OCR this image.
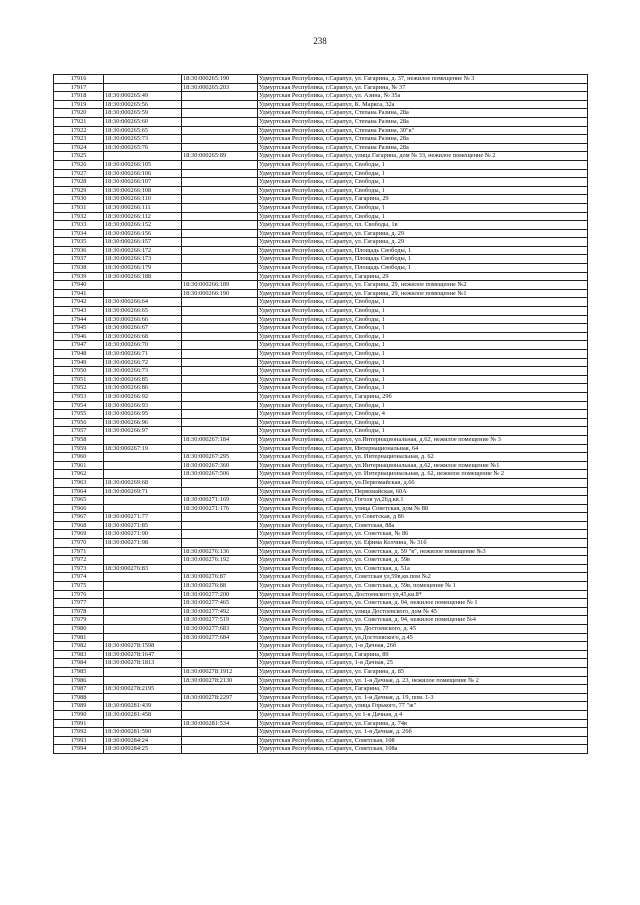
238
17916		18:30:000265:190	Удмуртская Республика, г.Сарапул, ул. Гагарина, д. 37, нежилое помещение № 3
17917		18:30:000265:203	Удмуртская Республика, г.Сарапул, ул. Гагарина, № 37
17918	18:30:000265:49		Удмуртская Республика, г.Сарапул, ул. Азина, № 35а
17919	18:30:000265:56		Удмуртская Республика, г.Сарапул, К. Маркса, 32а
17920	18:30:000265:59		Удмуртская Республика, г.Сарапул, Степана Разина, 28а
17921	18:30:000265:60		Удмуртская Республика, г.Сарапул, Степана Разина, 28а
17922	18:30:000265:65		Удмуртская Республика, г.Сарапул, Степана Разина, 30"к"
17923	18:30:000265:73		Удмуртская Республика, г.Сарапул, Степана Разина, 28а
17924	18:30:000265:76		Удмуртская Республика, г.Сарапул, Степана Разина, 28а
17925		18:30:000265:89	Удмуртская Республика, г.Сарапул, улица Гагарина, дом № 33, нежилое помещение № 2
17926	18:30:000266:105		Удмуртская Республика, г.Сарапул, Свободы, 1
17927	18:30:000266:106		Удмуртская Республика, г.Сарапул, Свободы, 1
17928	18:30:000266:107		Удмуртская Республика, г.Сарапул, Свободы, 1
17929	18:30:000266:108		Удмуртская Республика, г.Сарапул, Свободы, 1
17930	18:30:000266:110		Удмуртская Республика, г.Сарапул, Гагарина, 29
17931	18:30:000266:111		Удмуртская Республика, г.Сарапул, Свободы, 1
17932	18:30:000266:112		Удмуртская Республика, г.Сарапул, Свободы, 1
17933	18:30:000266:152		Удмуртская Республика, г.Сарапул, пл. Свободы, 1в
17934	18:30:000266:156		Удмуртская Республика, г.Сарапул, ул. Гагарина, д. 29
17935	18:30:000266:157		Удмуртская Республика, г.Сарапул, ул. Гагарина, д. 29
17936	18:30:000266:172		Удмуртская Республика, г.Сарапул, Площадь Свободы, 1
17937	18:30:000266:173		Удмуртская Республика, г.Сарапул, Площадь Свободы, 1
17938	18:30:000266:179		Удмуртская Республика, г.Сарапул, Площадь Свободы, 1
17939	18:30:000266:188		Удмуртская Республика, г.Сарапул, Гагарина, 29
17940		18:30:000266:189	Удмуртская Республика, г.Сарапул, ул. Гагарина, 29, нежилое помещение №2
17941		18:30:000266:190	Удмуртская Республика, г.Сарапул, ул. Гагарина, 29, нежилое помещение №1
17942	18:30:000266:64		Удмуртская Республика, г.Сарапул, Свободы, 1
17943	18:30:000266:65		Удмуртская Республика, г.Сарапул, Свободы, 1
17944	18:30:000266:66		Удмуртская Республика, г.Сарапул, Свободы, 1
17945	18:30:000266:67		Удмуртская Республика, г.Сарапул, Свободы, 1
17946	18:30:000266:68		Удмуртская Республика, г.Сарапул, Свободы, 1
17947	18:30:000266:70		Удмуртская Республика, г.Сарапул, Свободы, 1
17948	18:30:000266:71		Удмуртская Республика, г.Сарапул, Свободы, 1
17949	18:30:000266:72		Удмуртская Республика, г.Сарапул, Свободы, 1
17950	18:30:000266:73		Удмуртская Республика, г.Сарапул, Свободы, 1
17951	18:30:000266:85		Удмуртская Республика, г.Сарапул, Свободы, 1
17952	18:30:000266:86		Удмуртская Республика, г.Сарапул, Свободы, 1
17953	18:30:000266:92		Удмуртская Республика, г.Сарапул, Гагарина, 29б
17954	18:30:000266:93		Удмуртская Республика, г.Сарапул, Свободы, 1
17955	18:30:000266:95		Удмуртская Республика, г.Сарапул, Свободы, 4
17956	18:30:000266:96		Удмуртская Республика, г.Сарапул, Свободы, 1
17957	18:30:000266:97		Удмуртская Республика, г.Сарапул, Свободы, 1
17958		18:30:000267:184	Удмуртская Республика, г.Сарапул, ул.Интернациональная, д.62, нежилое помещение № 3
17959	18:30:000267:19		Удмуртская Республика, г.Сарапул, Интернациональная, 64
17960		18:30:000267:295	Удмуртская Республика, г.Сарапул, ул. Интернациональная, д. 62
17961		18:30:000267:360	Удмуртская Республика, г.Сарапул, ул.Интернациональная, д.62, нежилое помещение №1
17962		18:30:000267:506	Удмуртская Республика, г.Сарапул, ул. Интернациональная, д. 62, нежилое помещение № 2
17963	18:30:000269:68		Удмуртская Республика, г.Сарапул, ул.Первомайская, д.66
17964	18:30:000269:71		Удмуртская Республика, г.Сарапул, Первомайская, 60А
17965		18:30:000271:169	Удмуртская Республика, г.Сарапул, Гоголя ул,26д,кв.1
17966		18:30:000271:176	Удмуртская Республика, г.Сарапул, улица Советская, дом № 88
17967	18:30:000271:77		Удмуртская Республика, г.Сарапул, ул Советская, д 86
17968	18:30:000271:85		Удмуртская Республика, г.Сарапул, Советская, 88а
17969	18:30:000271:90		Удмуртская Республика, г.Сарапул, ул. Советская, № 86
17970	18:30:000271:98		Удмуртская Республика, г.Сарапул, ул. Ефима Колчина, № 31б
17971		18:30:000276:136	Удмуртская Республика, г.Сарапул, ул. Советская, д. 59 "в", нежилое помещение №3
17972		18:30:000276:192	Удмуртская Республика, г.Сарапул, ул. Советская, д. 59в
17973	18:30:000276:83		Удмуртская Республика, г.Сарапул, ул. Советская, д. 51а
17974		18:30:000276:87	Удмуртская Республика, г.Сарапул, Советская ул,59в,кв.пом №2
17975		18:30:000276:88	Удмуртская Республика, г.Сарапул, ул. Советская, д. 59в, помещение № 1
17976		18:30:000277:200	Удмуртская Республика, г.Сарапул, Достоевского ул,45,кв.8*
17977		18:30:000277:465	Удмуртская Республика, г.Сарапул, ул. Советская, д. 94, нежилое помещение № 1
17978		18:30:000277:492	Удмуртская Республика, г.Сарапул, улица Достоевского, дом № 45
17979		18:30:000277:519	Удмуртская Республика, г.Сарапул, ул. Советская, д. 94, нежилое помещение №4
17980		18:30:000277:683	Удмуртская Республика, г.Сарапул, ул. Достоевского, д. 45
17981		18:30:000277:684	Удмуртская Республика, г.Сарапул, ул.Достоевского, д.45
17982	18:30:000278:1598		Удмуртская Республика, г.Сарапул, 1-я Дачная, 26б
17983	18:30:000278:1647		Удмуртская Республика, г.Сарапул, Гагарина, 89
17984	18:30:000278:1813		Удмуртская Республика, г.Сарапул, 1-я Дачная, 25
17985		18:30:000278:1912	Удмуртская Республика, г.Сарапул, ул. Гагарина, д. 85
17986		18:30:000278:2130	Удмуртская Республика, г.Сарапул, ул. 1-я Дачная, д. 23, нежилое помещение № 2
17987	18:30:000278:2195		Удмуртская Республика, г.Сарапул, Гагарина, 77
17988		18:30:000278:2297	Удмуртская Республика, г.Сарапул, ул. 1-я Дачная, д. 19, пом. 1-3
17989	18:30:000281:439		Удмуртская Республика, г.Сарапул, улица Горького, 77 "ж"
17990	18:30:000281:458		Удмуртская Республика, г.Сарапул, ул 1-я Дачная, д 4
17991		18:30:000281:534	Удмуртская Республика, г.Сарапул, ул. Гагарина, д. 74в
17992	18:30:000281:590		Удмуртская Республика, г.Сарапул, ул. 1-я Дачная, д. 26б
17993	18:30:000284:24		Удмуртская Республика, г.Сарапул, Советская, 108
17994	18:30:000284:25		Удмуртская Республика, г.Сарапул, Советская, 108а
